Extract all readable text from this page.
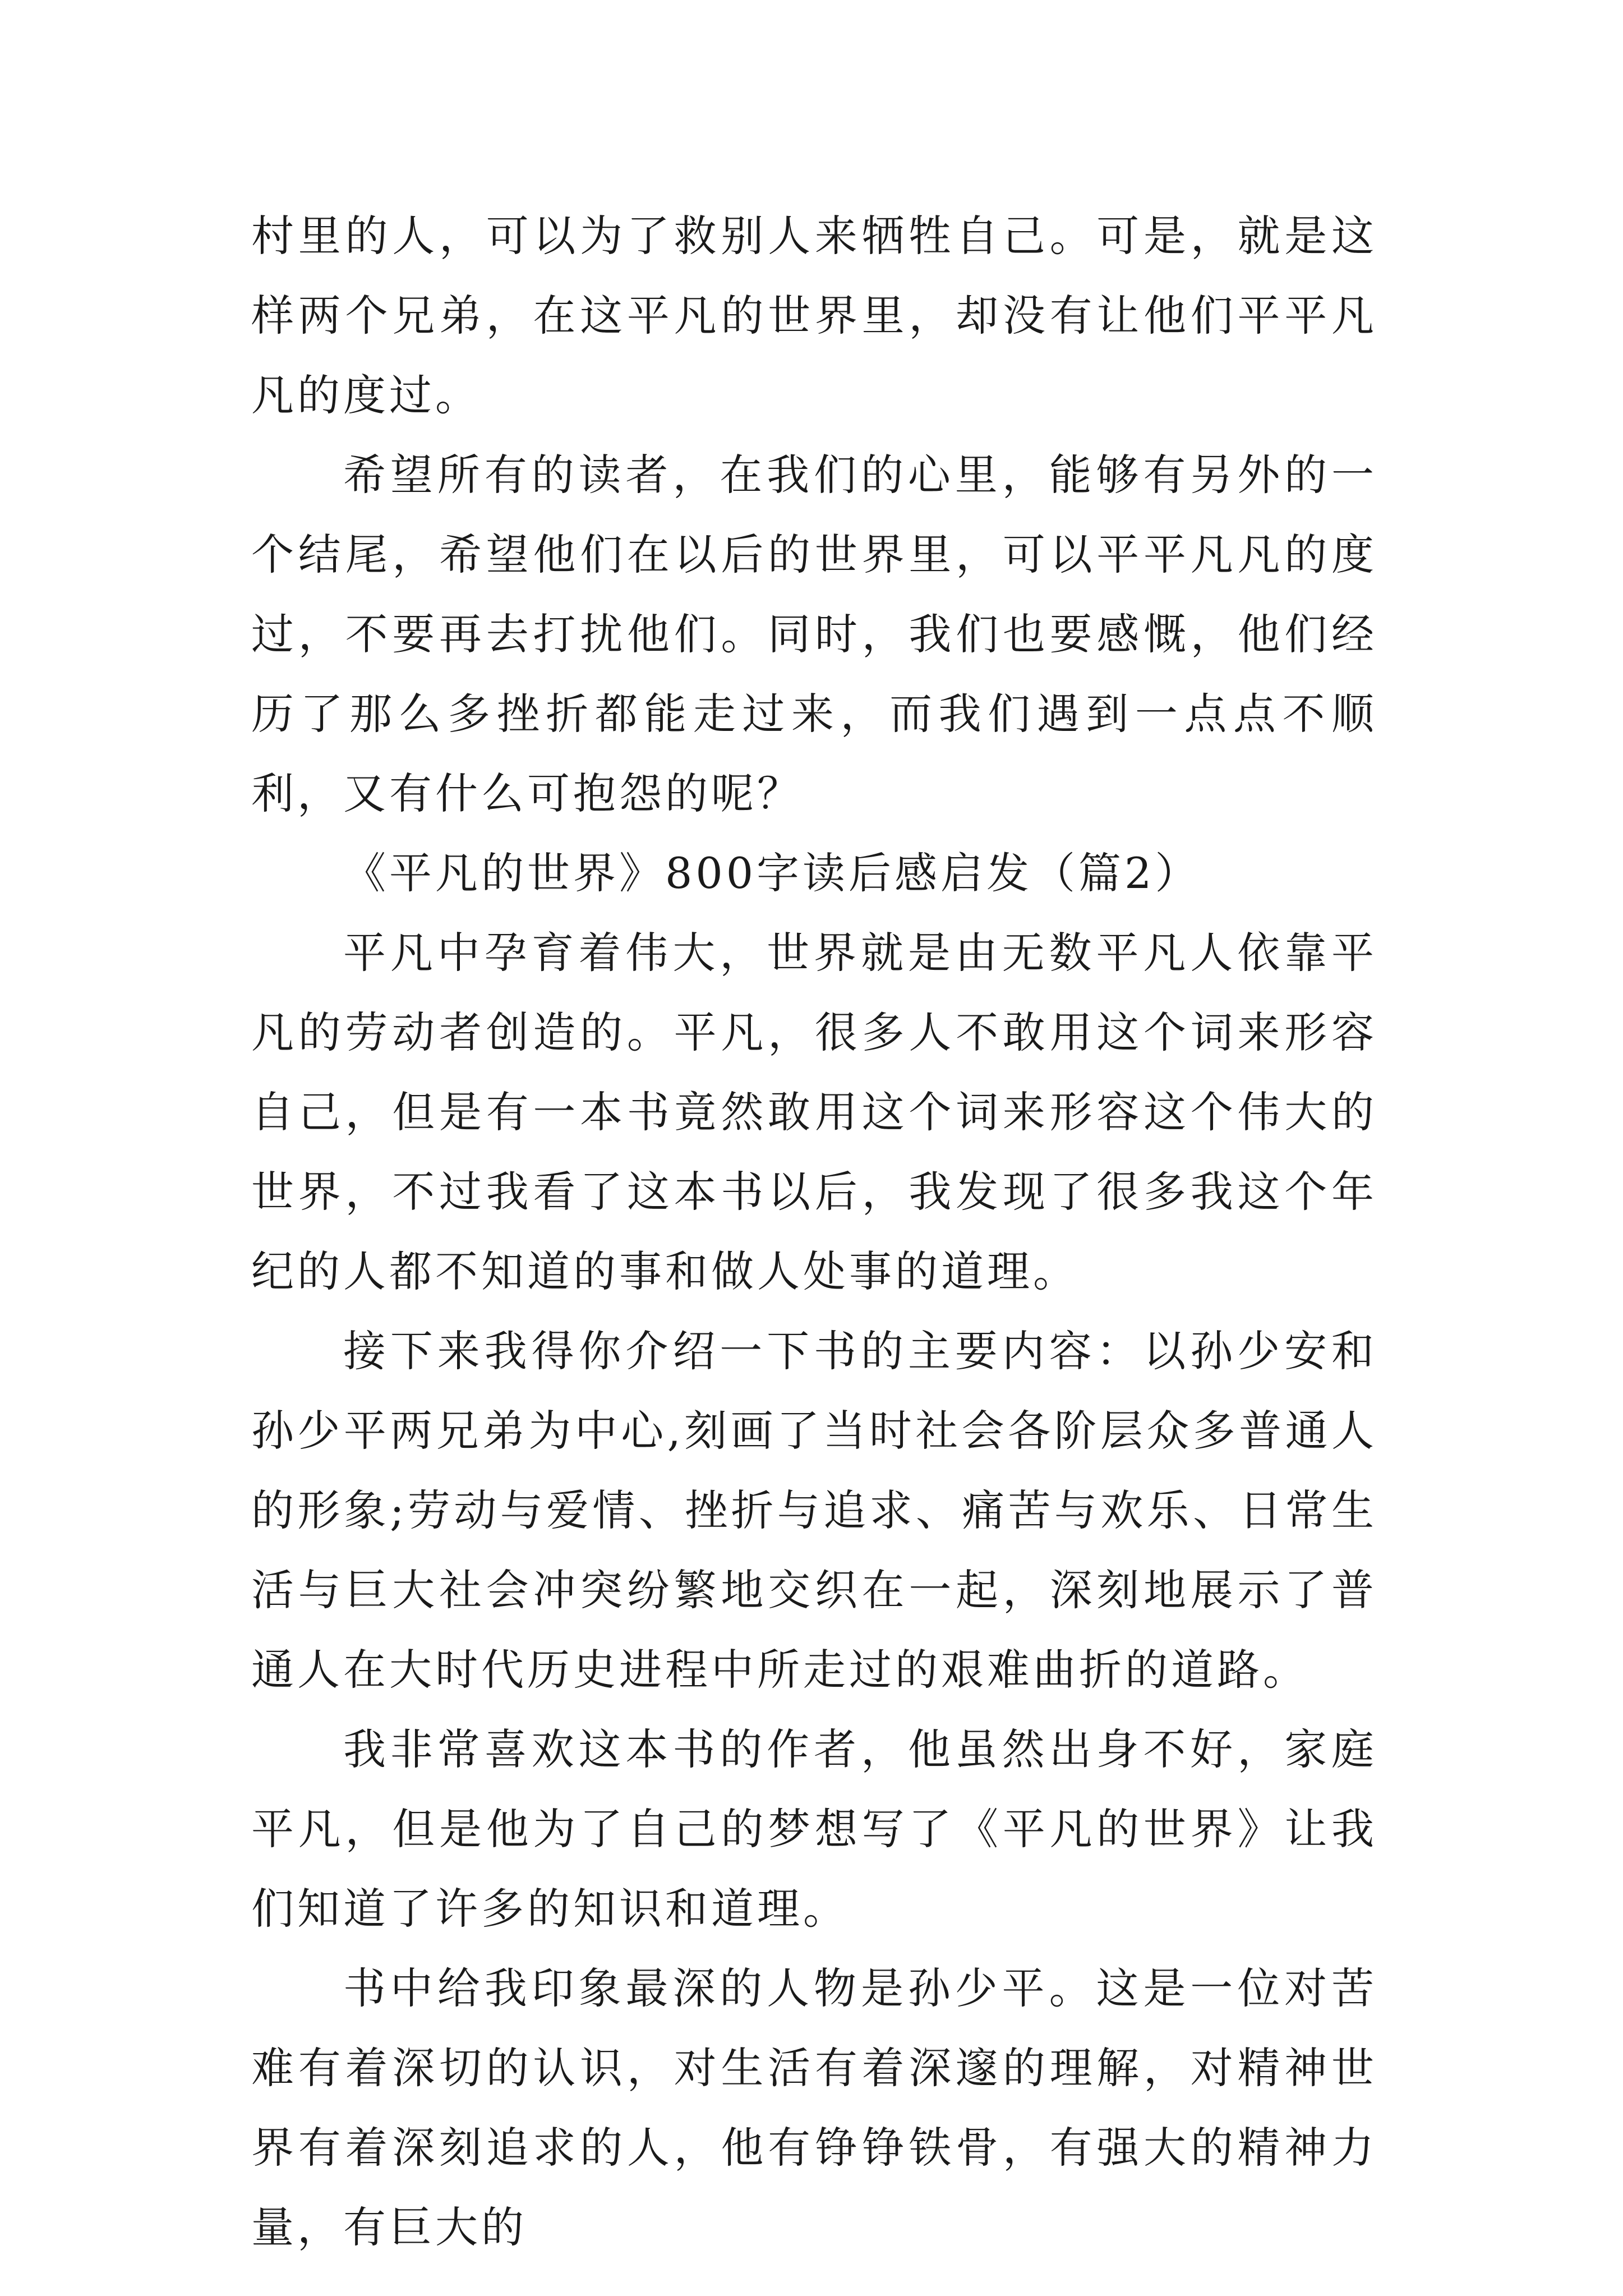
村里的人，可以为了救别人来牺牲自己。可是，就是这样两个兄弟，在这平凡的世界里，却没有让他们平平凡凡的度过。

希望所有的读者，在我们的心里，能够有另外的一个结尾，希望他们在以后的世界里，可以平平凡凡的度过，不要再去打扰他们。同时，我们也要感慨，他们经历了那么多挫折都能走过来，而我们遇到一点点不顺利，又有什么可抱怨的呢？

《平凡的世界》800字读后感启发（篇2）

平凡中孕育着伟大，世界就是由无数平凡人依靠平凡的劳动者创造的。平凡，很多人不敢用这个词来形容自己，但是有一本书竟然敢用这个词来形容这个伟大的世界，不过我看了这本书以后，我发现了很多我这个年纪的人都不知道的事和做人处事的道理。

接下来我得你介绍一下书的主要内容：以孙少安和孙少平两兄弟为中心,刻画了当时社会各阶层众多普通人的形象;劳动与爱情、挫折与追求、痛苦与欢乐、日常生活与巨大社会冲突纷繁地交织在一起，深刻地展示了普通人在大时代历史进程中所走过的艰难曲折的道路。

我非常喜欢这本书的作者，他虽然出身不好，家庭平凡，但是他为了自己的梦想写了《平凡的世界》让我们知道了许多的知识和道理。

书中给我印象最深的人物是孙少平。这是一位对苦难有着深切的认识，对生活有着深邃的理解，对精神世界有着深刻追求的人，他有铮铮铁骨，有强大的精神力量，有巨大的
